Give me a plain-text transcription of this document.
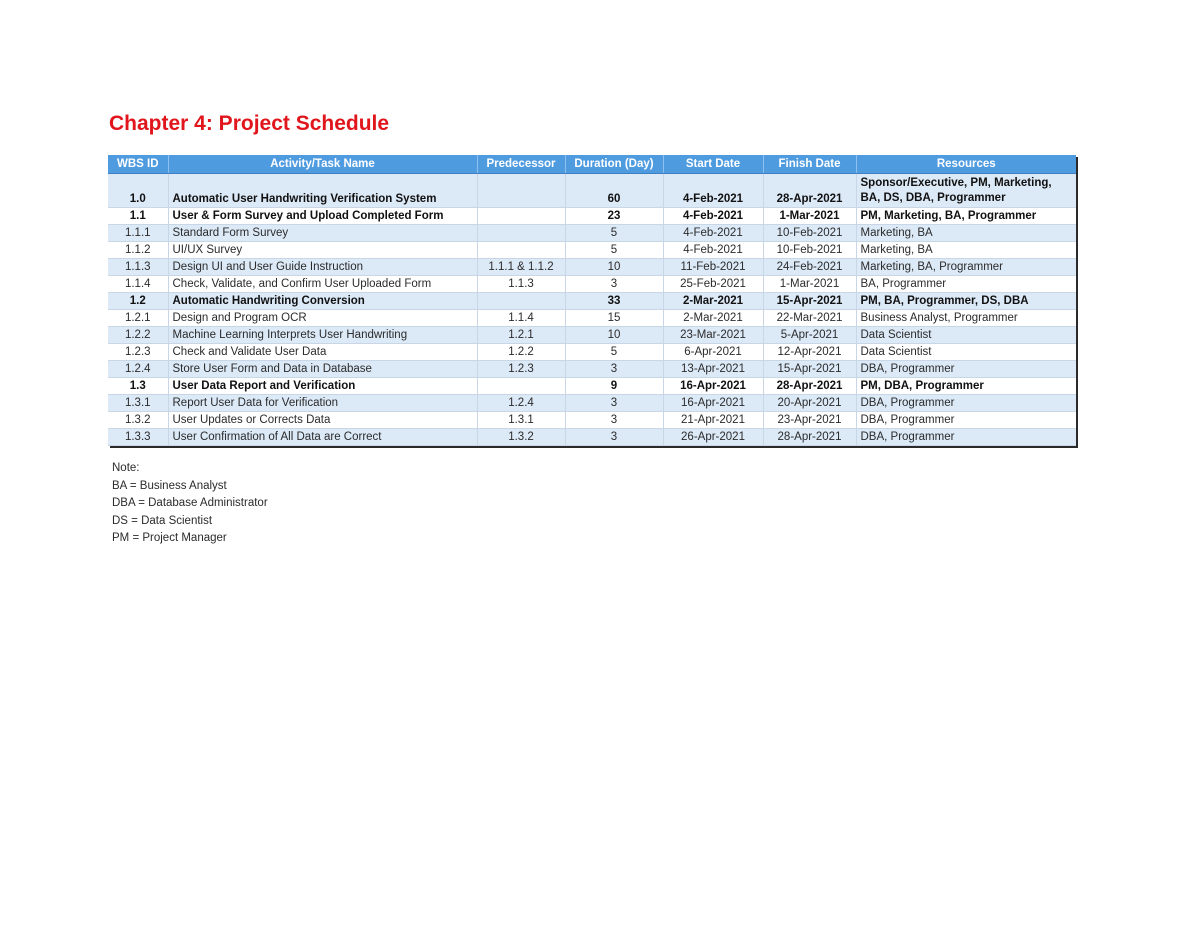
Chapter 4: Project Schedule
WBS ID	Activity/Task Name	Predecessor	Duration (Day)	Start Date	Finish Date	Resources
1.0	Automatic User Handwriting Verification System		60	4-Feb-2021	28-Apr-2021	Sponsor/Executive, PM, Marketing, BA, DS, DBA, Programmer
1.1	User & Form Survey and Upload Completed Form		23	4-Feb-2021	1-Mar-2021	PM, Marketing, BA, Programmer
1.1.1	Standard Form Survey		5	4-Feb-2021	10-Feb-2021	Marketing, BA
1.1.2	UI/UX Survey		5	4-Feb-2021	10-Feb-2021	Marketing, BA
1.1.3	Design UI and User Guide Instruction	1.1.1 & 1.1.2	10	11-Feb-2021	24-Feb-2021	Marketing, BA, Programmer
1.1.4	Check, Validate, and Confirm User Uploaded Form	1.1.3	3	25-Feb-2021	1-Mar-2021	BA, Programmer
1.2	Automatic Handwriting Conversion		33	2-Mar-2021	15-Apr-2021	PM, BA, Programmer, DS, DBA
1.2.1	Design and Program OCR	1.1.4	15	2-Mar-2021	22-Mar-2021	Business Analyst, Programmer
1.2.2	Machine Learning Interprets User Handwriting	1.2.1	10	23-Mar-2021	5-Apr-2021	Data Scientist
1.2.3	Check and Validate User Data	1.2.2	5	6-Apr-2021	12-Apr-2021	Data Scientist
1.2.4	Store User Form and Data in Database	1.2.3	3	13-Apr-2021	15-Apr-2021	DBA, Programmer
1.3	User Data Report and Verification		9	16-Apr-2021	28-Apr-2021	PM, DBA, Programmer
1.3.1	Report User Data for Verification	1.2.4	3	16-Apr-2021	20-Apr-2021	DBA, Programmer
1.3.2	User Updates or Corrects Data	1.3.1	3	21-Apr-2021	23-Apr-2021	DBA, Programmer
1.3.3	User Confirmation of All Data are Correct	1.3.2	3	26-Apr-2021	28-Apr-2021	DBA, Programmer
Note:
BA = Business Analyst
DBA = Database Administrator
DS = Data Scientist
PM = Project Manager
